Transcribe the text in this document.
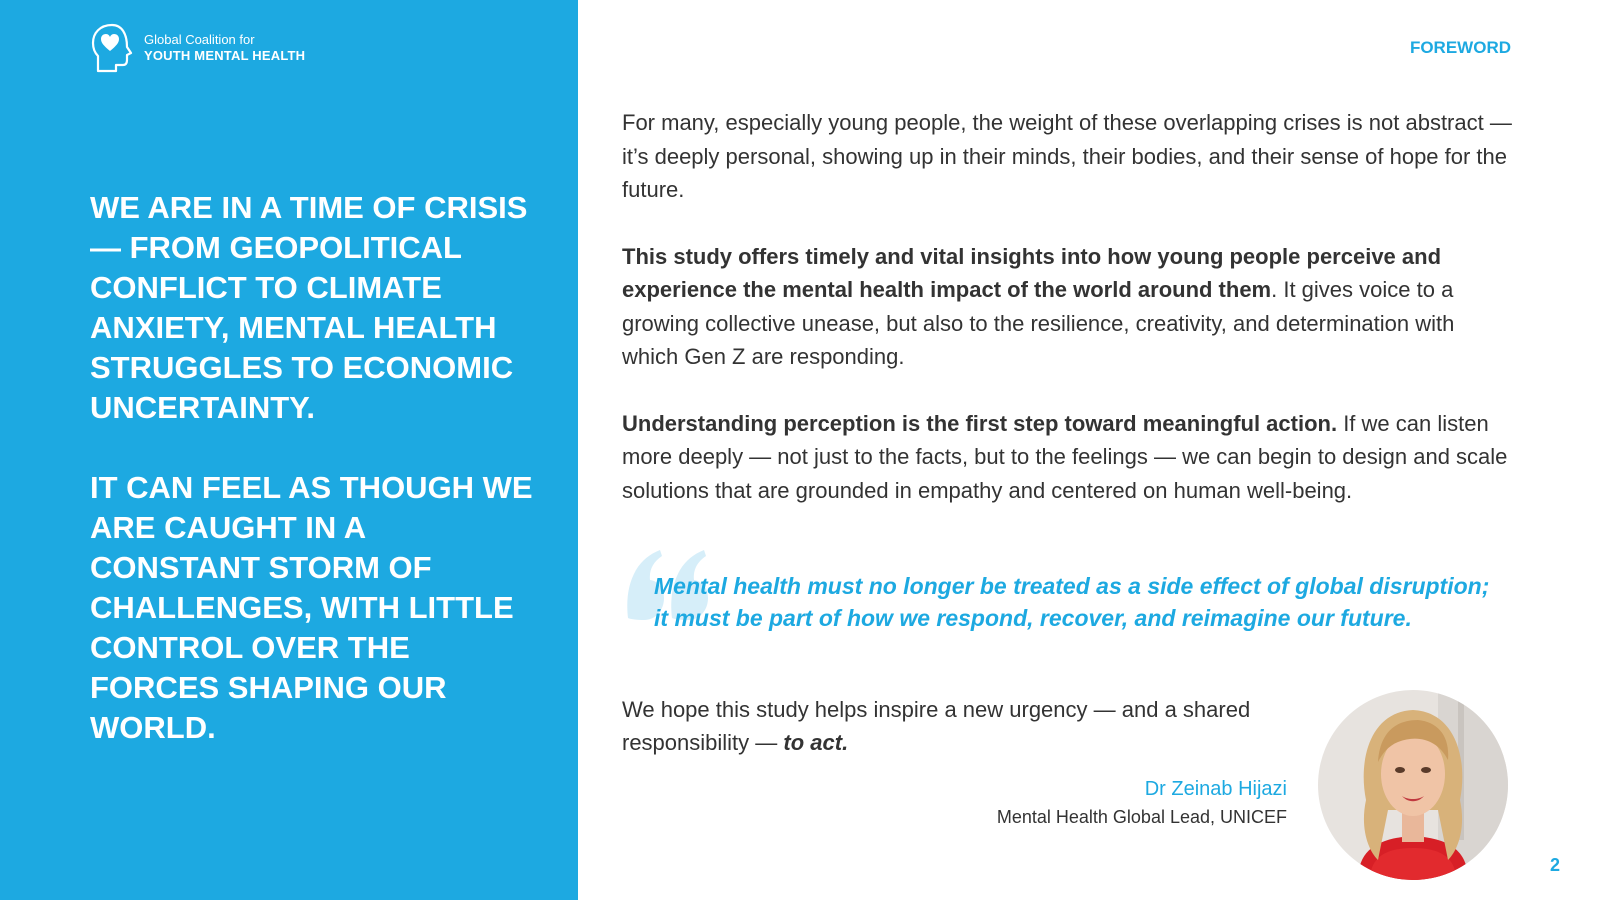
Global Coalition for
YOUTH MENTAL HEALTH

WE ARE IN A TIME OF CRISIS — FROM GEOPOLITICAL CONFLICT TO CLIMATE ANXIETY, MENTAL HEALTH STRUGGLES TO ECONOMIC UNCERTAINTY.

IT CAN FEEL AS THOUGH WE ARE CAUGHT IN A CONSTANT STORM OF CHALLENGES, WITH LITTLE CONTROL OVER THE FORCES SHAPING OUR WORLD.

FOREWORD

For many, especially young people, the weight of these overlapping crises is not abstract — it’s deeply personal, showing up in their minds, their bodies, and their sense of hope for the future.

This study offers timely and vital insights into how young people perceive and experience the mental health impact of the world around them. It gives voice to a growing collective unease, but also to the resilience, creativity, and determination with which Gen Z are responding.

Understanding perception is the first step toward meaningful action. If we can listen more deeply — not just to the facts, but to the feelings — we can begin to design and scale solutions that are grounded in empathy and centered on human well-being.

Mental health must no longer be treated as a side effect of global disruption; it must be part of how we respond, recover, and reimagine our future.

We hope this study helps inspire a new urgency — and a shared responsibility — to act.

Dr Zeinab Hijazi
Mental Health Global Lead, UNICEF
2
